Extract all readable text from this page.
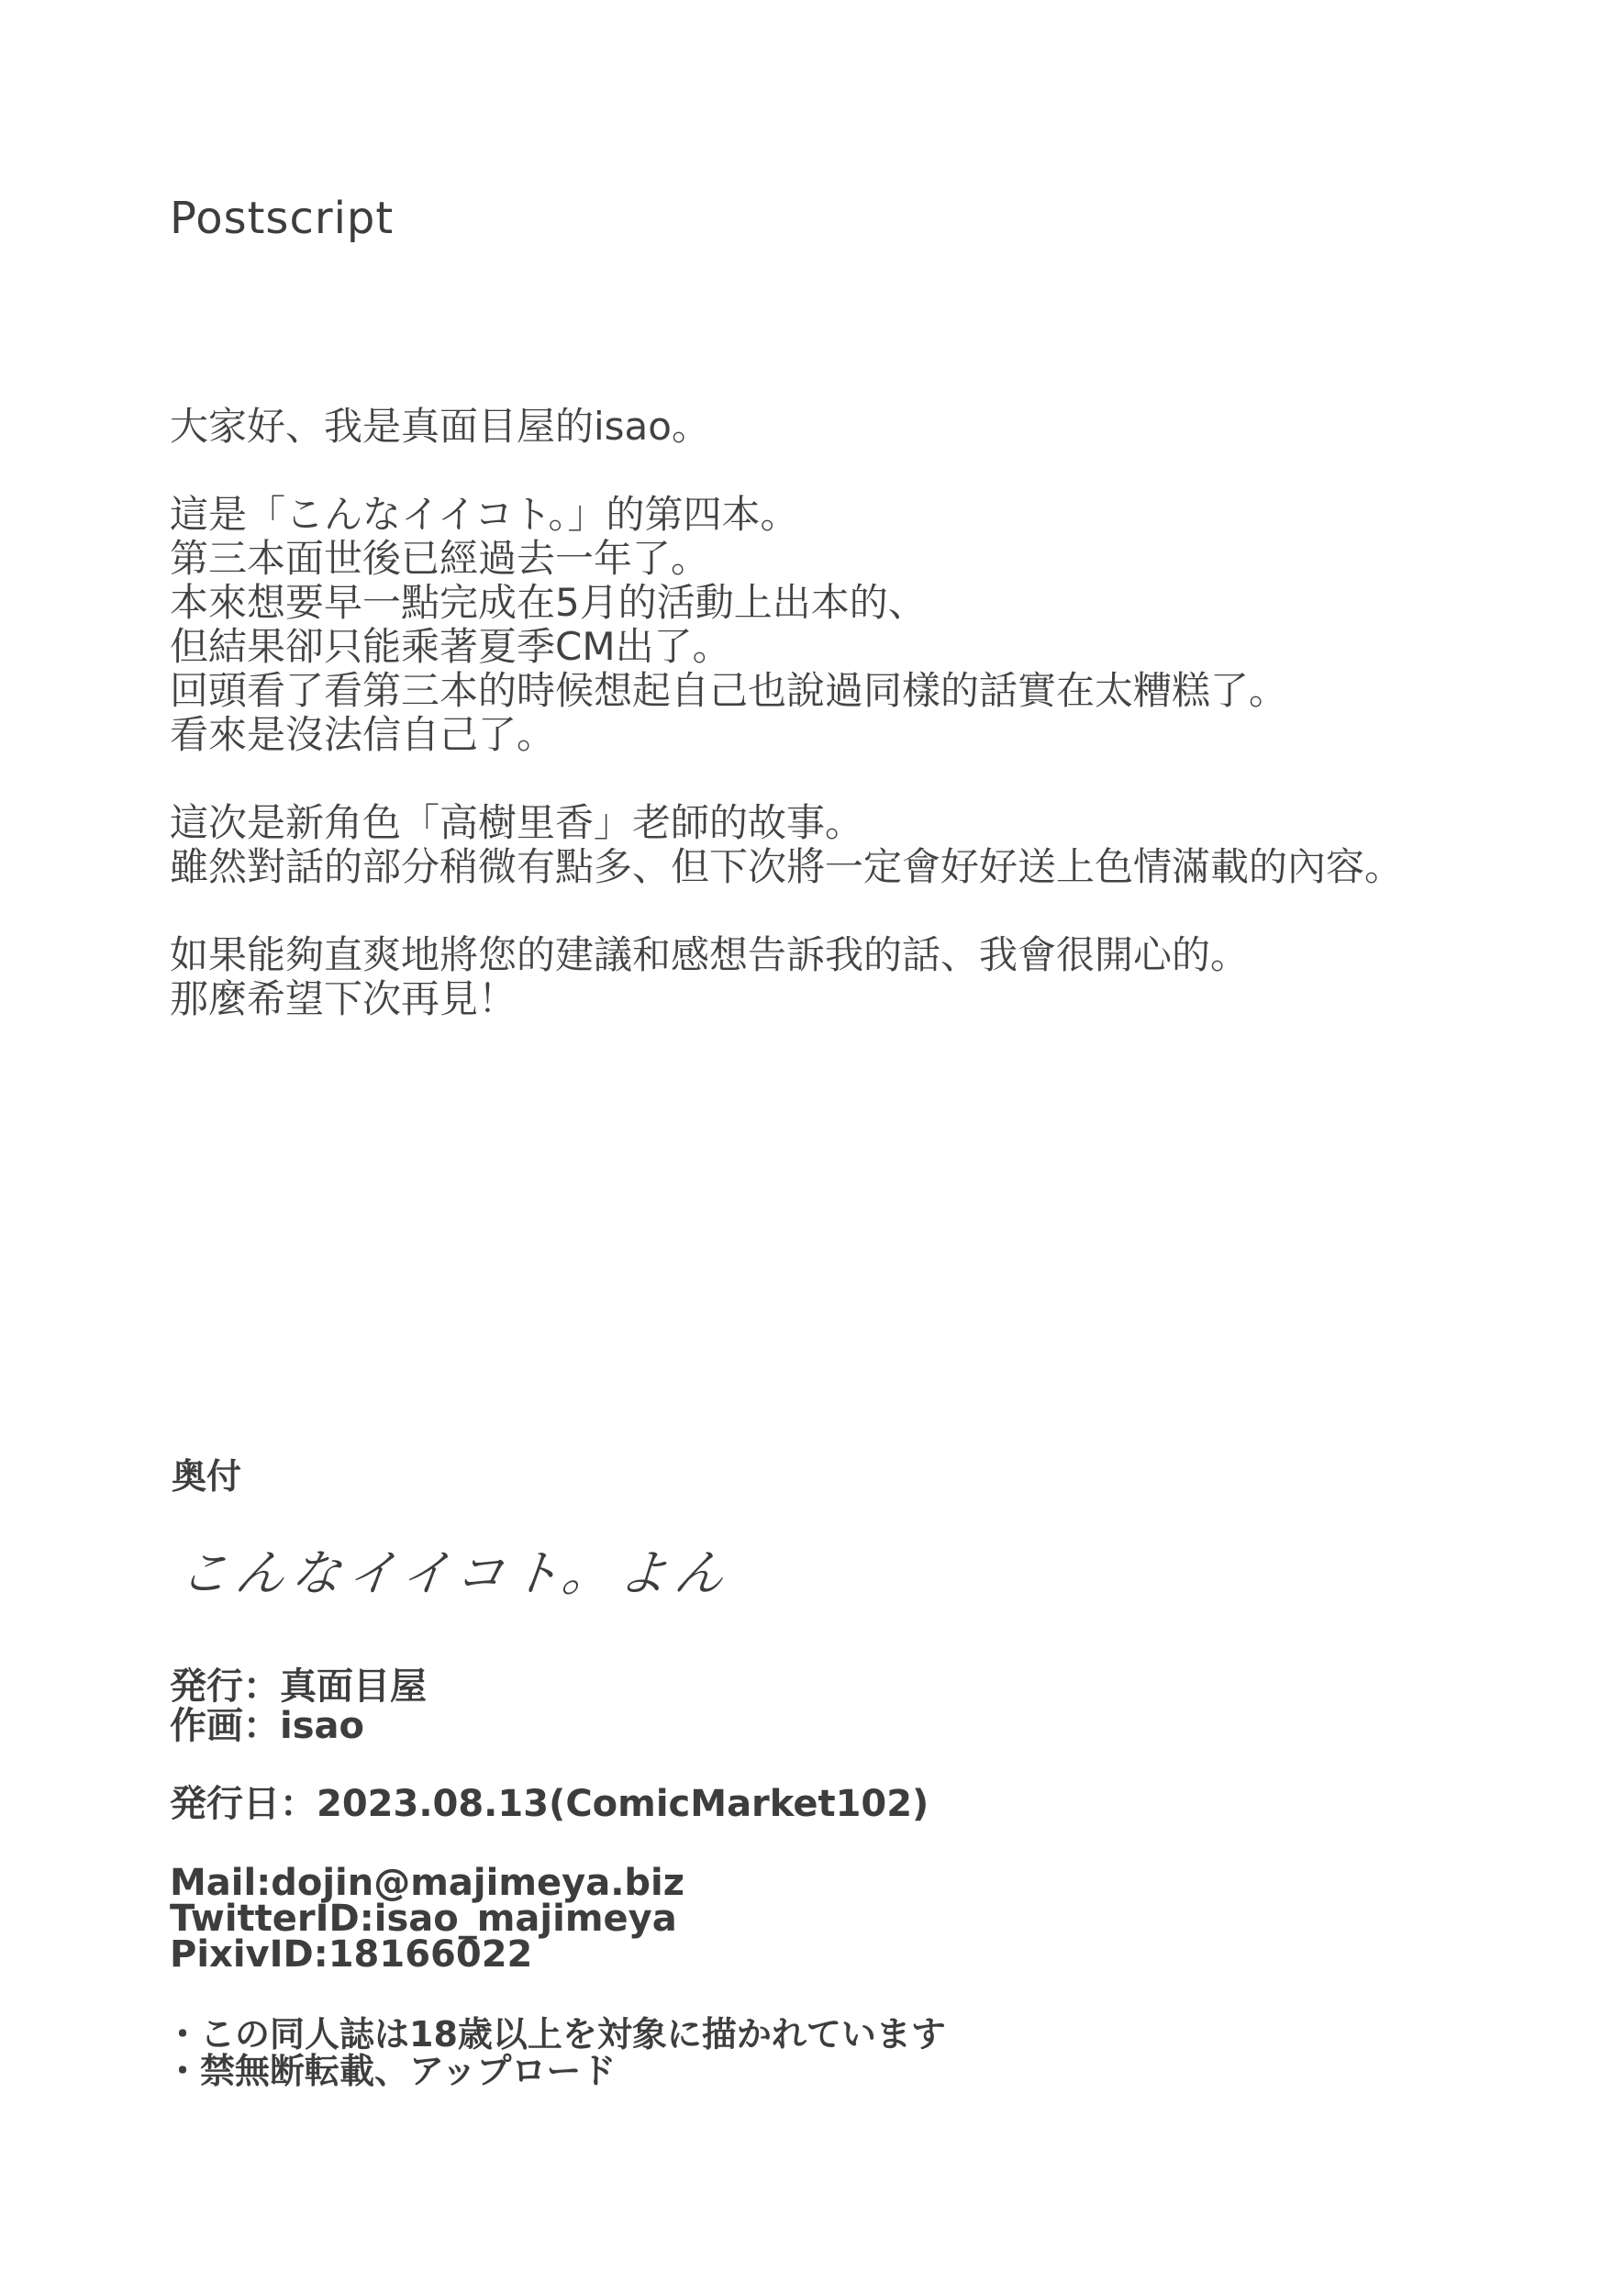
Postscript
大家好、我是真面目屋的isao。
這是「こんなイイコト。」的第四本。
第三本面世後已經過去一年了。
本來想要早一點完成在5月的活動上出本的、
但結果卻只能乘著夏季CM出了。
回頭看了看第三本的時候想起自己也說過同樣的話實在太糟糕了。
看來是沒法信自己了。
這次是新角色「高樹里香」老師的故事。
雖然對話的部分稍微有點多、但下次將一定會好好送上色情滿載的內容。
如果能夠直爽地將您的建議和感想告訴我的話、我會很開心的。
那麼希望下次再見！
奥付
こんなイイコト。よん
発行：真面目屋
作画：isao
発行日：2023.08.13(ComicMarket102)
Mail:dojin@majimeya.biz
TwitterID:isao_majimeya
PixivID:18166022
・この同人誌は18歳以上を対象に描かれています
・禁無断転載、アップロード
